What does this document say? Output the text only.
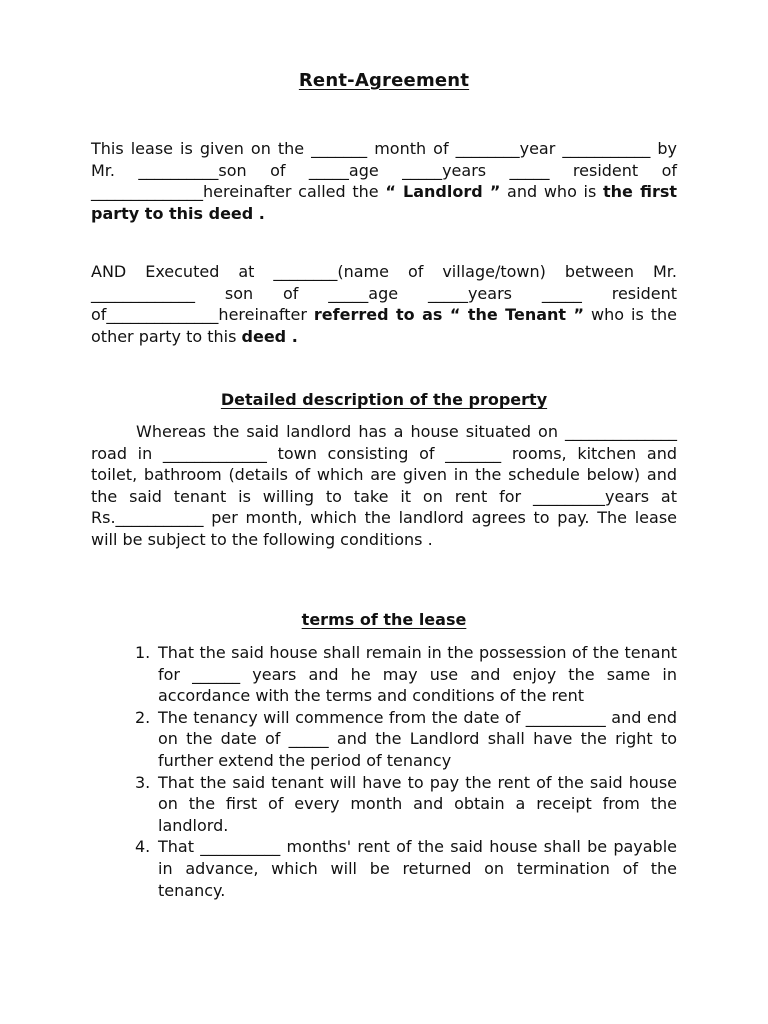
Rent-Agreement
This lease is given on the _______ month of ________year ___________ by Mr. __________son of _____age _____years _____ resident of ______________hereinafter called the “ Landlord ” and who is the first party to this deed .
AND Executed at ________(name of village/town) between Mr. _____________ son of _____age _____years _____ resident of______________hereinafter referred to as “ the Tenant ” who is the other party to this deed .
Detailed description of the property
Whereas the said landlord has a house situated on ______________ road in _____________ town consisting of _______ rooms, kitchen and toilet, bathroom (details of which are given in the schedule below) and the said tenant is willing to take it on rent for _________years at Rs.___________ per month, which the landlord agrees to pay. The lease will be subject to the following conditions .
terms of the lease
1. That the said house shall remain in the possession of the tenant for ______ years and he may use and enjoy the same in accordance with the terms and conditions of the rent
2. The tenancy will commence from the date of __________ and end on the date of _____ and the Landlord shall have the right to further extend the period of tenancy
3. That the said tenant will have to pay the rent of the said house on the first of every month and obtain a receipt from the landlord.
4. That __________ months' rent of the said house shall be payable in advance, which will be returned on termination of the tenancy.
